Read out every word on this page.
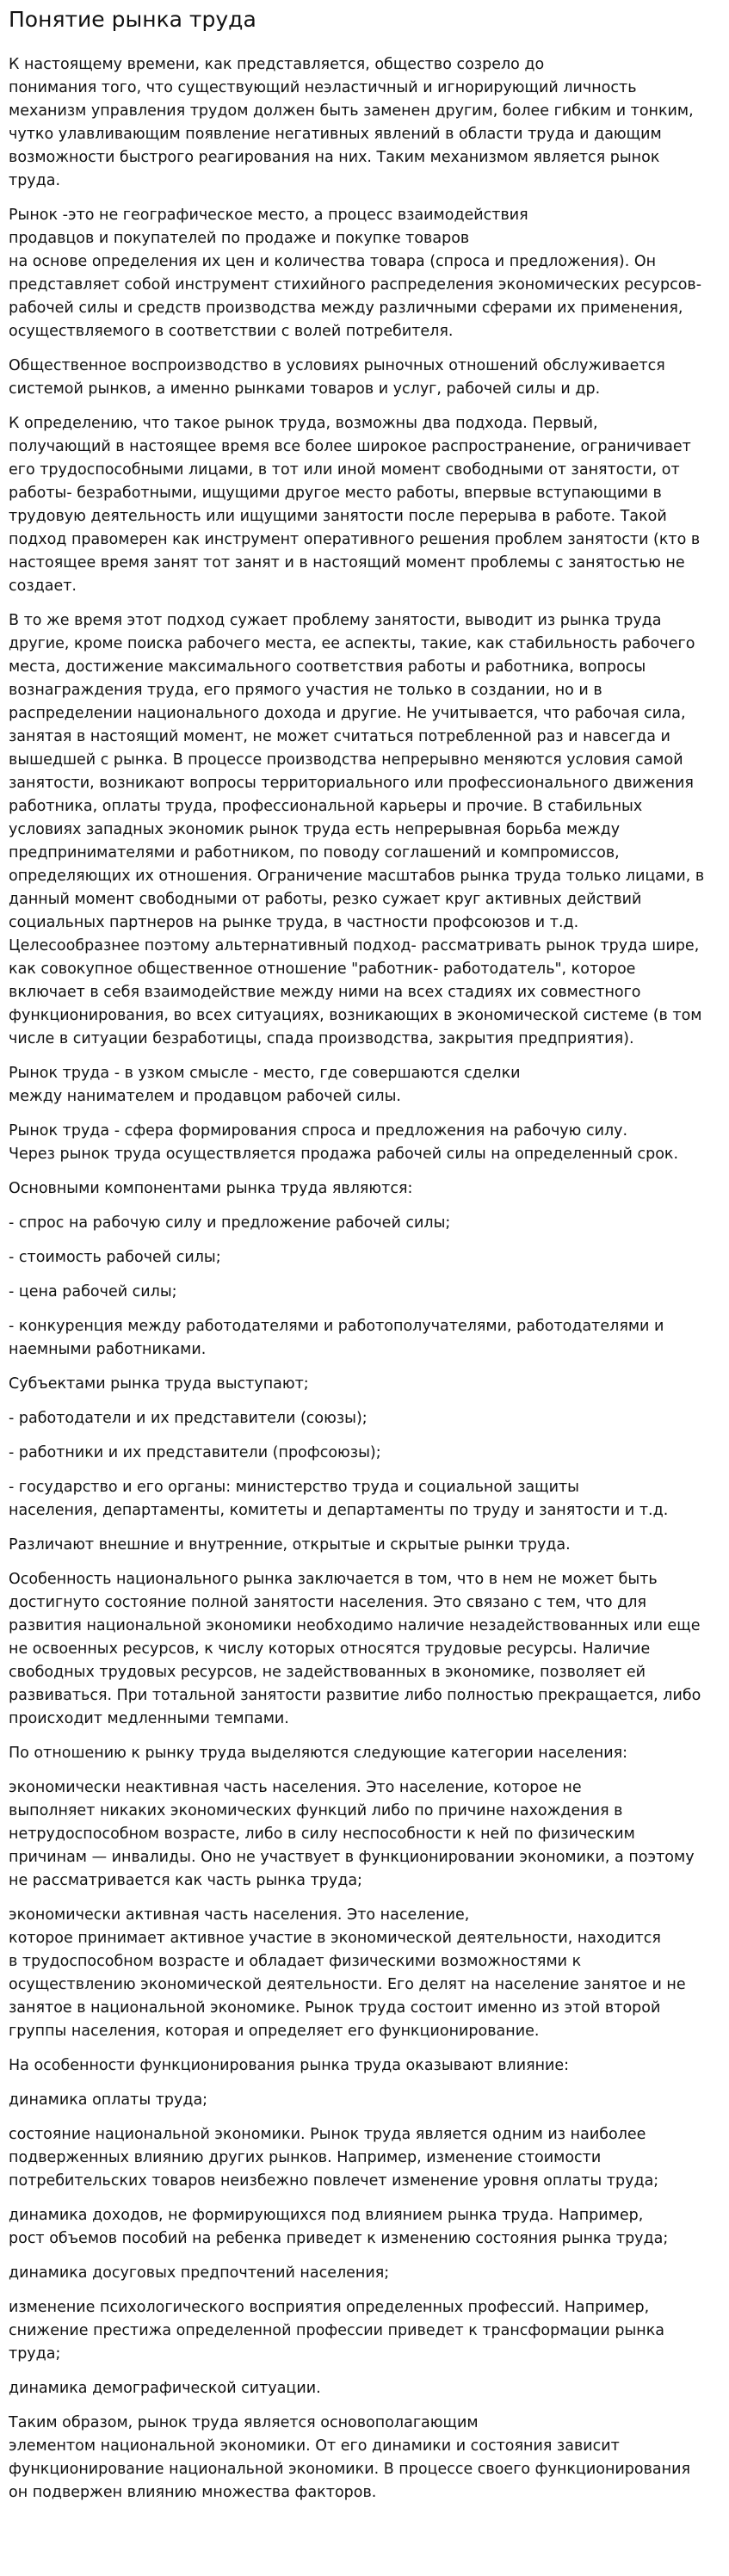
Понятие рынка труда

К настоящему времени, как представляется, общество созрело до
понимания того, что существующий неэластичный и игнорирующий личность
механизм управления трудом должен быть заменен другим, более гибким и тонким,
чутко улавливающим появление негативных явлений в области труда и дающим
возможности быстрого реагирования на них. Таким механизмом является рынок
труда.

Рынок -это не географическое место, а процесс взаимодействия
продавцов и покупателей по продаже и покупке товаров
на основе определения их цен и количества товара (спроса и предложения). Он
представляет собой инструмент стихийного распределения экономических ресурсов-
рабочей силы и средств производства между различными сферами их применения,
осуществляемого в соответствии с волей потребителя.

Общественное воспроизводство в условиях рыночных отношений обслуживается
системой рынков, а именно рынками товаров и услуг, рабочей силы и др.

К определению, что такое рынок труда, возможны два подхода. Первый,
получающий в настоящее время все более широкое распространение, ограничивает
его трудоспособными лицами, в тот или иной момент свободными от занятости, от
работы- безработными, ищущими другое место работы, впервые вступающими в
трудовую деятельность или ищущими занятости после перерыва в работе. Такой
подход правомерен как инструмент оперативного решения проблем занятости (кто в
настоящее время занят тот занят и в настоящий момент проблемы с занятостью не
создает.

В то же время этот подход сужает проблему занятости, выводит из рынка труда
другие, кроме поиска рабочего места, ее аспекты, такие, как стабильность рабочего
места, достижение максимального соответствия работы и работника, вопросы
вознаграждения труда, его прямого участия не только в создании, но и в
распределении национального дохода и другие. Не учитывается, что рабочая сила,
занятая в настоящий момент, не может считаться потребленной раз и навсегда и
вышедшей с рынка. В процессе производства непрерывно меняются условия самой
занятости, возникают вопросы территориального или профессионального движения
работника, оплаты труда, профессиональной карьеры и прочие. В стабильных
условиях западных экономик рынок труда есть непрерывная борьба между
предпринимателями и работником, по поводу соглашений и компромиссов,
определяющих их отношения. Ограничение масштабов рынка труда только лицами, в
данный момент свободными от работы, резко сужает круг активных действий
социальных партнеров на рынке труда, в частности профсоюзов и т.д.
Целесообразнее поэтому альтернативный подход- рассматривать рынок труда шире,
как совокупное общественное отношение "работник- работодатель", которое
включает в себя взаимодействие между ними на всех стадиях их совместного
функционирования, во всех ситуациях, возникающих в экономической системе (в том
числе в ситуации безработицы, спада производства, закрытия предприятия).

Рынок труда - в узком смысле - место, где совершаются сделки
между нанимателем и продавцом рабочей силы.

Рынок труда - сфера формирования спроса и предложения на рабочую силу.
Через рынок труда осуществляется продажа рабочей силы на определенный срок.

Основными компонентами рынка труда являются:

- спрос на рабочую силу и предложение рабочей силы;

- стоимость рабочей силы;

- цена рабочей силы;

- конкуренция между работодателями и работополучателями, работодателями и
наемными работниками.

Субъектами рынка труда выступают;

- работодатели и их представители (союзы);

- работники и их представители (профсоюзы);

- государство и его органы: министерство труда и социальной защиты
населения, департаменты, комитеты и департаменты по труду и занятости и т.д.

Различают внешние и внутренние, открытые и скрытые рынки труда.

Особенность национального рынка заключается в том, что в нем не может быть
достигнуто состояние полной занятости населения. Это связано с тем, что для
развития национальной экономики необходимо наличие незадействованных или еще
не освоенных ресурсов, к числу которых относятся трудовые ресурсы. Наличие
свободных трудовых ресурсов, не задействованных в экономике, позволяет ей
развиваться. При тотальной занятости развитие либо полностью прекращается, либо
происходит медленными темпами.

По отношению к рынку труда выделяются следующие категории населения:

экономически неактивная часть населения. Это население, которое не
выполняет никаких экономических функций либо по причине нахождения в
нетрудоспособном возрасте, либо в силу неспособности к ней по физическим
причинам — инвалиды. Оно не участвует в функционировании экономики, а поэтому
не рассматривается как часть рынка труда;

экономически активная часть населения. Это население,
которое принимает активное участие в экономической деятельности, находится
в трудоспособном возрасте и обладает физическими возможностями к
осуществлению экономической деятельности. Его делят на население занятое и не
занятое в национальной экономике. Рынок труда состоит именно из этой второй
группы населения, которая и определяет его функционирование.

На особенности функционирования рынка труда оказывают влияние:

динамика оплаты труда;

состояние национальной экономики. Рынок труда является одним из наиболее
подверженных влиянию других рынков. Например, изменение стоимости
потребительских товаров неизбежно повлечет изменение уровня оплаты труда;

динамика доходов, не формирующихся под влиянием рынка труда. Например,
рост объемов пособий на ребенка приведет к изменению состояния рынка труда;

динамика досуговых предпочтений населения;

изменение психологического восприятия определенных профессий. Например,
снижение престижа определенной профессии приведет к трансформации рынка
труда;

динамика демографической ситуации.

Таким образом, рынок труда является основополагающим
элементом национальной экономики. От его динамики и состояния зависит
функционирование национальной экономики. В процессе своего функционирования
он подвержен влиянию множества факторов.
